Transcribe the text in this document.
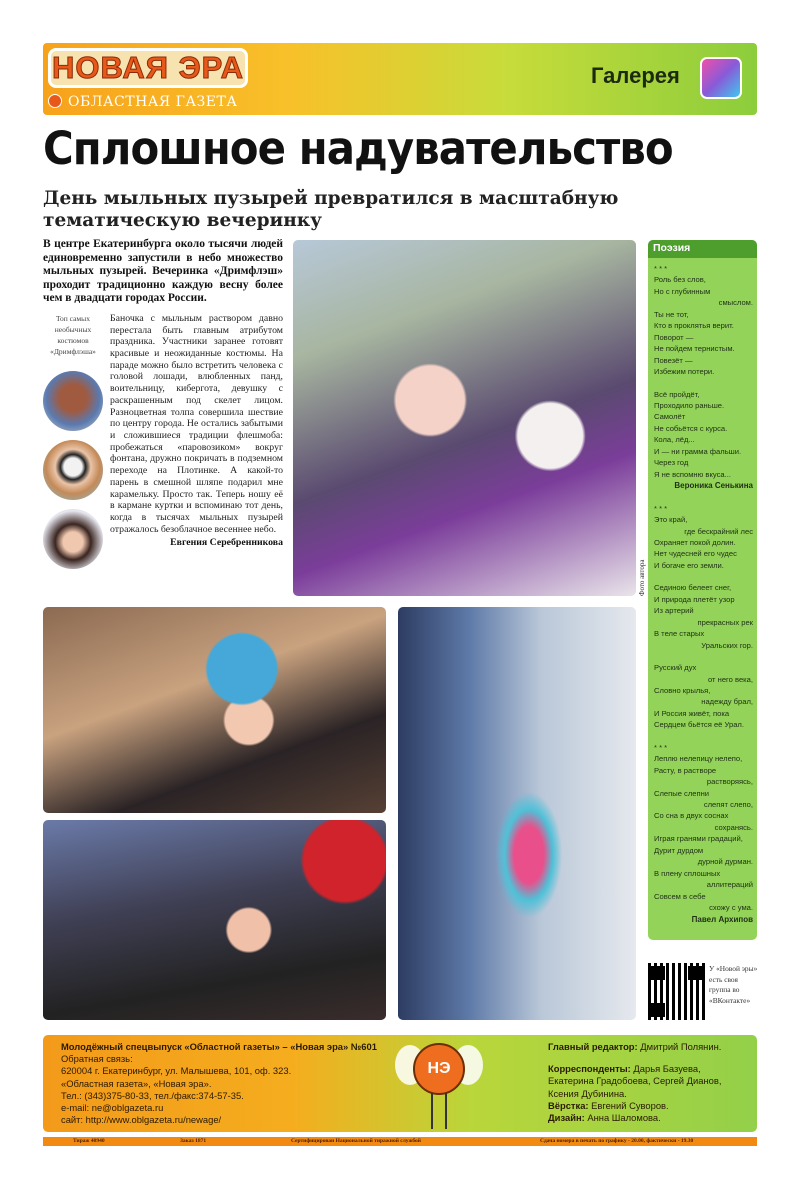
НОВАЯ ЭРА
ОБЛАСТНАЯ ГАЗЕТА
Галерея
Сплошное надувательство
День мыльных пузырей превратился в масштабную тематическую вечеринку

В центре Екатеринбурга около тысячи людей единовременно запустили в небо множество мыльных пузырей. Вечеринка «Дримфлэш» проходит традиционно каждую весну более чем в двадцати городах России.

Топ самых необычных костюмов «Дримфлэша»

Баночка с мыльным раствором давно перестала быть главным атрибутом праздника. Участники заранее готовят красивые и неожиданные костюмы. На параде можно было встретить человека с головой лошади, влюбленных панд, воительницу, кибергота, девушку с раскрашенным под скелет лицом. Разноцветная толпа совершила шествие по центру города. Не остались забытыми и сложившиеся традиции флешмоба: пробежаться «паровозиком» вокруг фонтана, дружно покричать в подземном переходе на Плотинке. А какой-то парень в смешной шляпе подарил мне карамельку. Просто так. Теперь ношу её в кармане куртки и вспоминаю тот день, когда в тысячах мыльных пузырей отражалось безоблачное весеннее небо.

Евгения Серебренникова
Фото автора
Поэзия
* * *
Роль без слов,
Но с глубинным
смыслом.
Ты не тот,
Кто в проклятья верит.
Поворот —
Не пойдем тернистым.
Повезёт —
Избежим потери.
Всё пройдёт,
Проходило раньше.
Самолёт
Не собьётся с курса.
Кола, лёд...
И — ни грамма фальши.
Через год
Я не вспомню вкуса...
Вероника Сенькина
* * *
Это край,
где бескрайний лес
Охраняет покой долин.
Нет чудесней его чудес
И богаче его земли.
Сединою белеет снег,
И природа плетёт узор
Из артерий
прекрасных рек
В теле старых
Уральских гор.
Русский дух
от него века,
Словно крылья,
надежду брал,
И Россия живёт, пока
Сердцем бьётся её Урал.
* * *
Леплю нелепицу нелепо,
Расту, в растворе
растворяясь,
Слепые слепни
слепят слепо,
Со сна в двух соснах
сохранясь.
Играя гранями градаций,
Дурит дурдом
дурной дурман.
В плену сплошных
аллитераций
Совсем в себе
схожу с ума.
Павел Архипов
У «Новой эры» есть своя группа во «ВКонтакте»
Молодёжный спецвыпуск «Областной газеты» – «Новая эра» №601
Обратная связь:
620004 г. Екатеринбург, ул. Малышева, 101, оф. 323.
«Областная газета», «Новая эра».
Тел.: (343)375-80-33, тел./факс:374-57-35.
e-mail: ne@oblgazeta.ru
сайт: http://www.oblgazeta.ru/newage/
НЭ
Главный редактор: Дмитрий Полянин.
Корреспонденты: Дарья Базуева,
Екатерина Градобоева, Сергей Дианов,
Ксения Дубинина.
Вёрстка: Евгений Суворов.
Дизайн: Анна Шаломова.
Тираж 40940	Заказ 1871	Сертифицирован Национальной тиражной службой	Сдача номера в печать по графику - 20.00, фактически - 19.30
